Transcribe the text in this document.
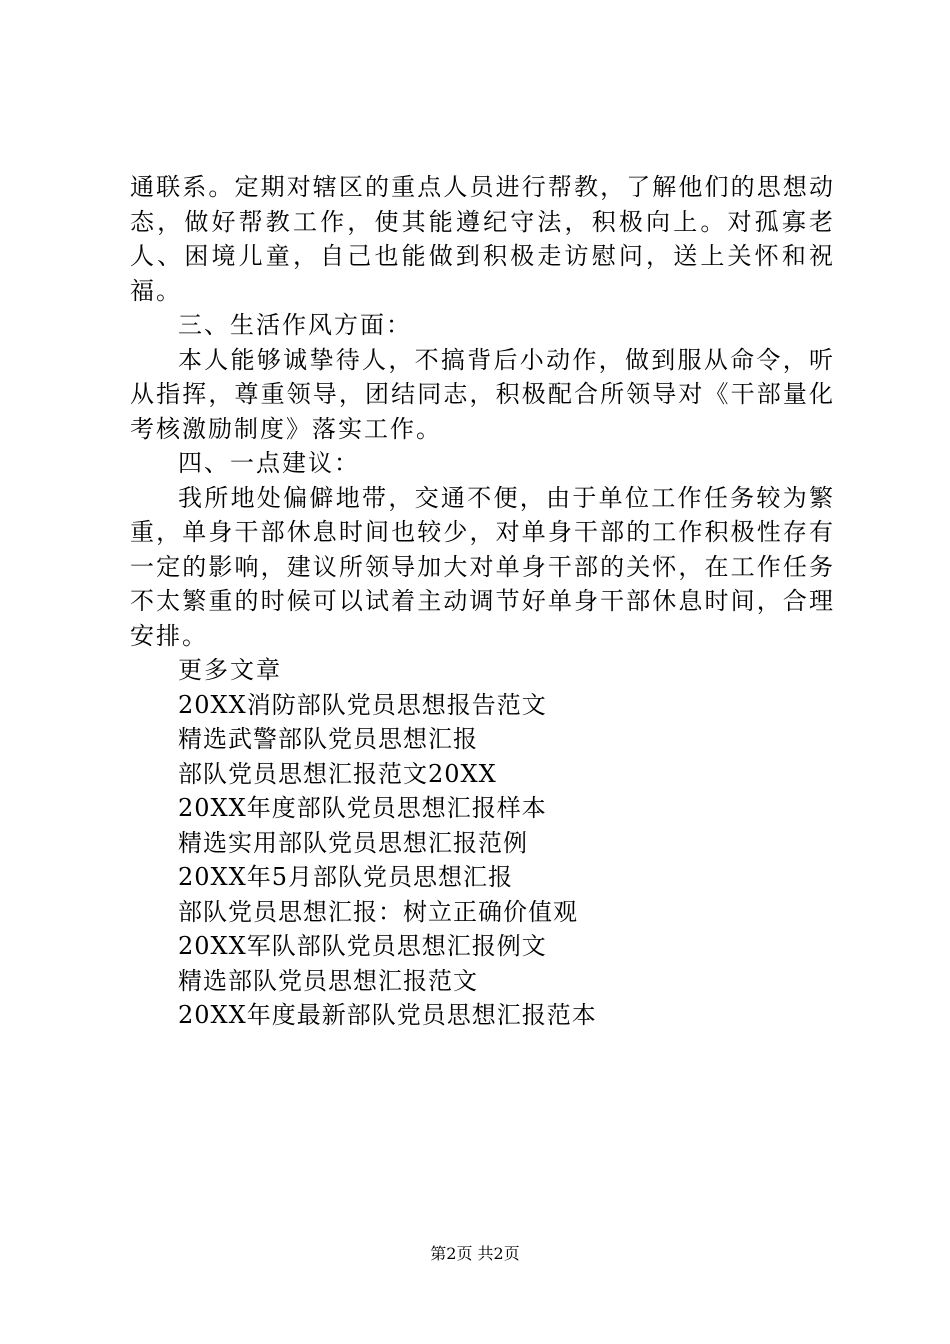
通联系。定期对辖区的重点人员进行帮教，了解他们的思想动态，做好帮教工作，使其能遵纪守法，积极向上。对孤寡老人、困境儿童，自己也能做到积极走访慰问，送上关怀和祝福。

三、生活作风方面：

本人能够诚挚待人，不搞背后小动作，做到服从命令，听从指挥，尊重领导，团结同志，积极配合所领导对《干部量化考核激励制度》落实工作。

四、一点建议：

我所地处偏僻地带，交通不便，由于单位工作任务较为繁重，单身干部休息时间也较少，对单身干部的工作积极性存有一定的影响，建议所领导加大对单身干部的关怀，在工作任务不太繁重的时候可以试着主动调节好单身干部休息时间，合理安排。

更多文章

20XX消防部队党员思想报告范文
精选武警部队党员思想汇报
部队党员思想汇报范文20XX
20XX年度部队党员思想汇报样本
精选实用部队党员思想汇报范例
20XX年5月部队党员思想汇报
部队党员思想汇报：树立正确价值观
20XX军队部队党员思想汇报例文
精选部队党员思想汇报范文
20XX年度最新部队党员思想汇报范本
第2页 共2页
